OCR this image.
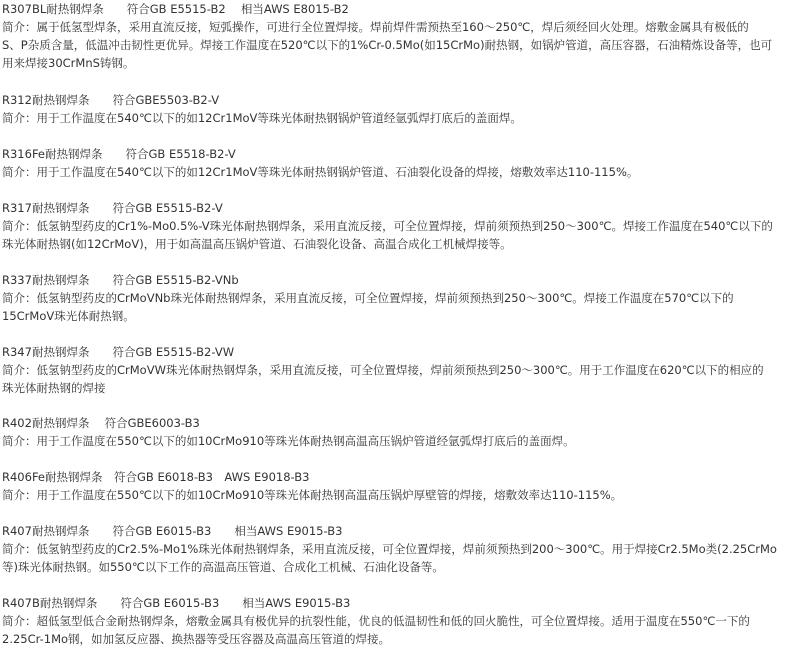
R307BL耐热钢焊条　　符合GB E5515-B2　 相当AWS E8015-B2
简介：属于低氢型焊条，采用直流反接，短弧操作，可进行全位置焊接。焊前焊件需预热至160～250℃，焊后须经回火处理。熔敷金属具有极低的
S、P杂质含量，低温冲击韧性更优异。焊接工作温度在520℃以下的1%Cr-0.5Mo(如15CrMo)耐热钢，如锅炉管道，高压容器，石油精炼设备等，也可
用来焊接30CrMnS铸钢。
R312耐热钢焊条　　符合GBE5503-B2-V
简介：用于工作温度在540℃以下的如12Cr1MoV等珠光体耐热钢锅炉管道经氩弧焊打底后的盖面焊。
R316Fe耐热钢焊条　　符合GB E5518-B2-V
简介：用于工作温度在540℃以下的如12Cr1MoV等珠光体耐热钢锅炉管道、石油裂化设备的焊接，熔敷效率达110-115%。
R317耐热钢焊条　　符合GB E5515-B2-V
简介：低氢钠型药皮的Cr1%-Mo0.5%-V珠光体耐热钢焊条，采用直流反接，可全位置焊接，焊前须预热到250～300℃。焊接工作温度在540℃以下的
珠光体耐热钢(如12CrMoV)，用于如高温高压锅炉管道、石油裂化设备、高温合成化工机械焊接等。
R337耐热钢焊条　　符合GB E5515-B2-VNb
简介：低氢钠型药皮的CrMoVNb珠光体耐热钢焊条，采用直流反接，可全位置焊接，焊前须预热到250～300℃。焊接工作温度在570℃以下的
15CrMoV珠光体耐热钢。
R347耐热钢焊条　　符合GB E5515-B2-VW
简介：低氢钠型药皮的CrMoVW珠光体耐热钢焊条，采用直流反接，可全位置焊接，焊前须预热到250～300℃。用于工作温度在620℃以下的相应的
珠光体耐热钢的焊接
R402耐热钢焊条　 符合GBE6003-B3
简介：用于工作温度在550℃以下的如10CrMo910等珠光体耐热钢高温高压锅炉管道经氩弧焊打底后的盖面焊。
R406Fe耐热钢焊条　符合GB E6018-B3　AWS E9018-B3
简介：用于工作温度在550℃以下的如10CrMo910等珠光体耐热钢高温高压锅炉厚壁管的焊接，熔敷效率达110-115%。
R407耐热钢焊条　　符合GB E6015-B3　　相当AWS E9015-B3
简介：低氢钠型药皮的Cr2.5%-Mo1%珠光体耐热钢焊条，采用直流反接，可全位置焊接，焊前须预热到200～300℃。用于焊接Cr2.5Mo类(2.25CrMo
等)珠光体耐热钢。如550℃以下工作的高温高压管道、合成化工机械、石油化设备等。
R407B耐热钢焊条　　符合GB E6015-B3　　相当AWS E9015-B3
简介：超低氢型低合金耐热钢焊条，熔敷金属具有极优异的抗裂性能，优良的低温韧性和低的回火脆性，可全位置焊接。适用于温度在550℃一下的
2.25Cr-1Mo钢，如加氢反应器、换热器等受压容器及高温高压管道的焊接。
